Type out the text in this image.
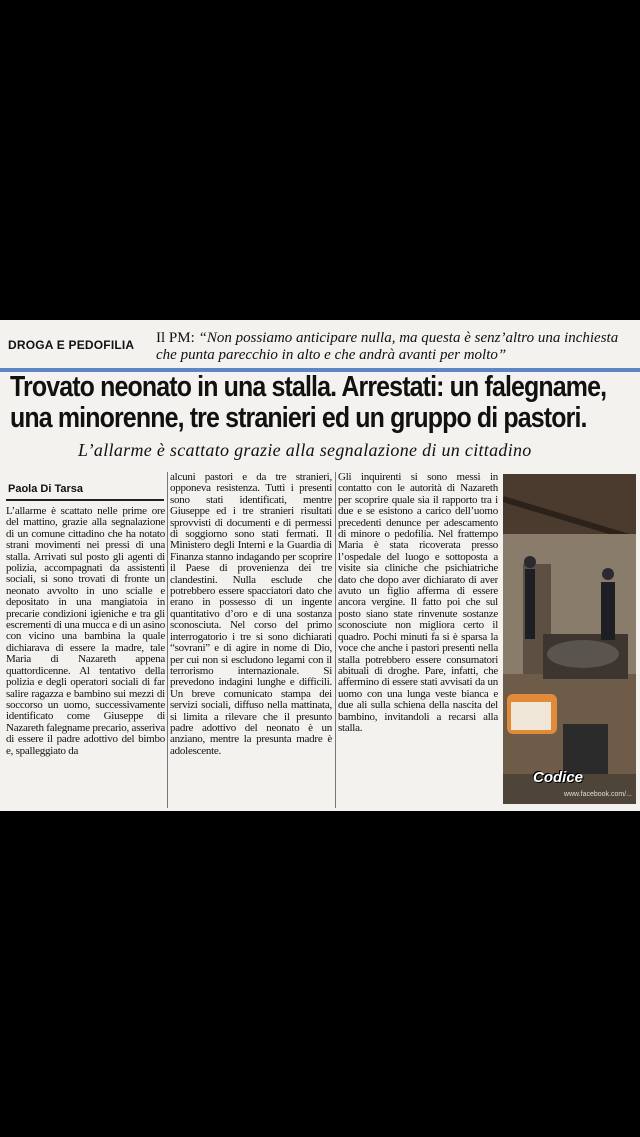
DROGA E PEDOFILIA Il PM: “Non possiamo anticipare nulla, ma questa è senz’altro una inchiesta che punta parecchio in alto e che andrà avanti per molto”
Trovato neonato in una stalla. Arrestati: un falegname, una minorenne, tre stranieri ed un gruppo di pastori.
L’allarme è scattato grazie alla segnalazione di un cittadino
Paola Di Tarsa
L’allarme è scattato nelle prime ore del mattino, grazie alla segnalazione di un comune cittadino che ha notato strani movimenti nei pressi di una stalla. Arrivati sul posto gli agenti di polizia, accompagnati da assistenti sociali, si sono trovati di fronte un neonato avvolto in uno scialle e depositato in una mangiatoia in precarie condizioni igieniche e tra gli escrementi di una mucca e di un asino con vicino una bambina la quale dichiarava di essere la madre, tale Maria di Nazareth appena quattordicenne. Al tentativo della polizia e degli operatori sociali di far salire ragazza e bambino sui mezzi di soccorso un uomo, successivamente identificato come Giuseppe di Nazareth falegname precario, asseriva di essere il padre adottivo del bimbo e, spalleggiato da
alcuni pastori e da tre stranieri, opponeva resistenza. Tutti i presenti sono stati identificati, mentre Giuseppe ed i tre stranieri risultati sprovvisti di documenti e di permessi di soggiorno sono stati fermati. Il Ministero degli Interni e la Guardia di Finanza stanno indagando per scoprire il Paese di provenienza dei tre clandestini. Nulla esclude che potrebbero essere spacciatori dato che erano in possesso di un ingente quantitativo d’oro e di una sostanza sconosciuta. Nel corso del primo interrogatorio i tre si sono dichiarati “sovrani” e di agire in nome di Dio, per cui non si escludono legami con il terrorismo internazionale. Si prevedono indagini lunghe e difficili. Un breve comunicato stampa dei servizi sociali, diffuso nella mattinata, si limita a rilevare che il presunto padre adottivo del neonato è un anziano, mentre la presunta madre è adolescente.
Gli inquirenti si sono messi in contatto con le autorità di Nazareth per scoprire quale sia il rapporto tra i due e se esistono a carico dell’uomo precedenti denunce per adescamento di minore o pedofilia. Nel frattempo Maria è stata ricoverata presso l’ospedale del luogo e sottoposta a visite sia cliniche che psichiatriche dato che dopo aver dichiarato di aver avuto un figlio afferma di essere ancora vergine. Il fatto poi che sul posto siano state rinvenute sostanze sconosciute non migliora certo il quadro. Pochi minuti fa si è sparsa la voce che anche i pastori presenti nella stalla potrebbero essere consumatori abituali di droghe. Pare, infatti, che affermino di essere stati avvisati da un uomo con una lunga veste bianca e due ali sulla schiena della nascita del bambino, invitandoli a recarsi alla stalla.
Codice
www.facebook.com/...
